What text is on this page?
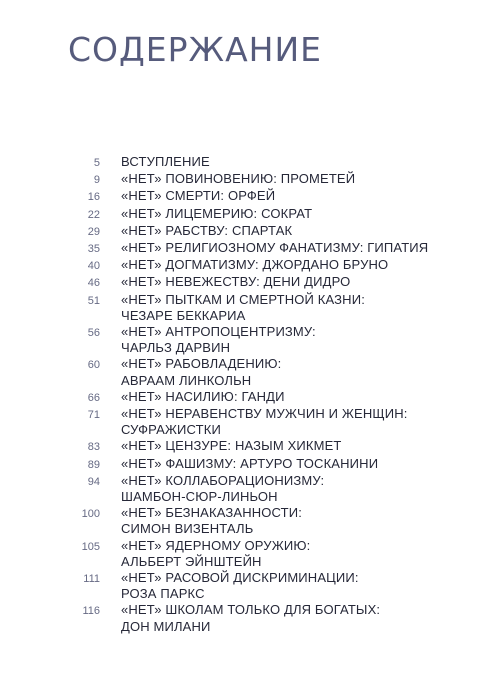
СОДЕРЖАНИЕ
5 ВСТУПЛЕНИЕ
9 «НЕТ» ПОВИНОВЕНИЮ: ПРОМЕТЕЙ
16 «НЕТ» СМЕРТИ: ОРФЕЙ
22 «НЕТ» ЛИЦЕМЕРИЮ: СОКРАТ
29 «НЕТ» РАБСТВУ: СПАРТАК
35 «НЕТ» РЕЛИГИОЗНОМУ ФАНАТИЗМУ: ГИПАТИЯ
40 «НЕТ» ДОГМАТИЗМУ: ДЖОРДАНО БРУНО
46 «НЕТ» НЕВЕЖЕСТВУ: ДЕНИ ДИДРО
51 «НЕТ» ПЫТКАМ И СМЕРТНОЙ КАЗНИ:
ЧЕЗАРЕ БЕККАРИА
56 «НЕТ» АНТРОПОЦЕНТРИЗМУ:
ЧАРЛЬЗ ДАРВИН
60 «НЕТ» РАБОВЛАДЕНИЮ:
АВРААМ ЛИНКОЛЬН
66 «НЕТ» НАСИЛИЮ: ГАНДИ
71 «НЕТ» НЕРАВЕНСТВУ МУЖЧИН И ЖЕНЩИН:
СУФРАЖИСТКИ
83 «НЕТ» ЦЕНЗУРЕ: НАЗЫМ ХИКМЕТ
89 «НЕТ» ФАШИЗМУ: АРТУРО ТОСКАНИНИ
94 «НЕТ» КОЛЛАБОРАЦИОНИЗМУ:
ШАМБОН-СЮР-ЛИНЬОН
100 «НЕТ» БЕЗНАКАЗАННОСТИ:
СИМОН ВИЗЕНТАЛЬ
105 «НЕТ» ЯДЕРНОМУ ОРУЖИЮ:
АЛЬБЕРТ ЭЙНШТЕЙН
111 «НЕТ» РАСОВОЙ ДИСКРИМИНАЦИИ:
РОЗА ПАРКС
116 «НЕТ» ШКОЛАМ ТОЛЬКО ДЛЯ БОГАТЫХ:
ДОН МИЛАНИ
